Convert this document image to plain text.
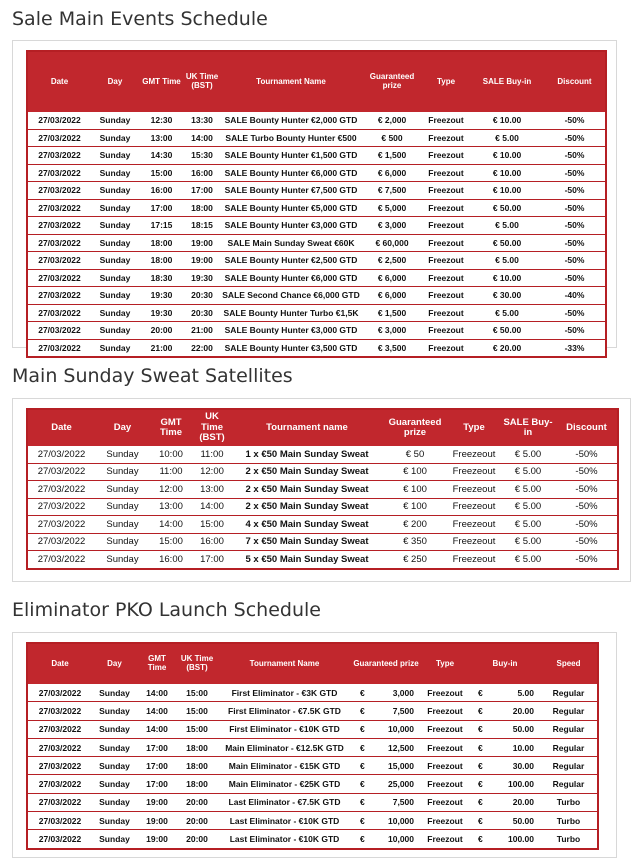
Sale Main Events Schedule
Date	Day	GMT Time	UK Time (BST)	Tournament Name	Guaranteed prize	Type	SALE Buy-in	Discount
27/03/2022	Sunday	12:30	13:30	SALE Bounty Hunter €2,000 GTD	€ 2,000	Freezout	€ 10.00	-50%
27/03/2022	Sunday	13:00	14:00	SALE Turbo Bounty Hunter €500	€ 500	Freezout	€ 5.00	-50%
27/03/2022	Sunday	14:30	15:30	SALE Bounty Hunter €1,500 GTD	€ 1,500	Freezout	€ 10.00	-50%
27/03/2022	Sunday	15:00	16:00	SALE Bounty Hunter €6,000 GTD	€ 6,000	Freezout	€ 10.00	-50%
27/03/2022	Sunday	16:00	17:00	SALE Bounty Hunter €7,500 GTD	€ 7,500	Freezout	€ 10.00	-50%
27/03/2022	Sunday	17:00	18:00	SALE Bounty Hunter €5,000 GTD	€ 5,000	Freezout	€ 50.00	-50%
27/03/2022	Sunday	17:15	18:15	SALE Bounty Hunter €3,000 GTD	€ 3,000	Freezout	€ 5.00	-50%
27/03/2022	Sunday	18:00	19:00	SALE Main Sunday Sweat €60K	€ 60,000	Freezout	€ 50.00	-50%
27/03/2022	Sunday	18:00	19:00	SALE Bounty Hunter €2,500 GTD	€ 2,500	Freezout	€ 5.00	-50%
27/03/2022	Sunday	18:30	19:30	SALE Bounty Hunter €6,000 GTD	€ 6,000	Freezout	€ 10.00	-50%
27/03/2022	Sunday	19:30	20:30	SALE Second Chance €6,000 GTD	€ 6,000	Freezout	€ 30.00	-40%
27/03/2022	Sunday	19:30	20:30	SALE Bounty Hunter Turbo €1,5K	€ 1,500	Freezout	€ 5.00	-50%
27/03/2022	Sunday	20:00	21:00	SALE Bounty Hunter €3,000 GTD	€ 3,000	Freezout	€ 50.00	-50%
27/03/2022	Sunday	21:00	22:00	SALE Bounty Hunter €3,500 GTD	€ 3,500	Freezout	€ 20.00	-33%
Main Sunday Sweat Satellites
Date	Day	GMT Time	UK Time (BST)	Tournament name	Guaranteed prize	Type	SALE Buy-in	Discount
27/03/2022	Sunday	10:00	11:00	1 x €50 Main Sunday Sweat	€ 50	Freezeout	€ 5.00	-50%
27/03/2022	Sunday	11:00	12:00	2 x €50 Main Sunday Sweat	€ 100	Freezeout	€ 5.00	-50%
27/03/2022	Sunday	12:00	13:00	2 x €50 Main Sunday Sweat	€ 100	Freezeout	€ 5.00	-50%
27/03/2022	Sunday	13:00	14:00	2 x €50 Main Sunday Sweat	€ 100	Freezeout	€ 5.00	-50%
27/03/2022	Sunday	14:00	15:00	4 x €50 Main Sunday Sweat	€ 200	Freezeout	€ 5.00	-50%
27/03/2022	Sunday	15:00	16:00	7 x €50 Main Sunday Sweat	€ 350	Freezeout	€ 5.00	-50%
27/03/2022	Sunday	16:00	17:00	5 x €50 Main Sunday Sweat	€ 250	Freezeout	€ 5.00	-50%
Eliminator PKO Launch Schedule
Date	Day	GMT Time	UK Time (BST)	Tournament Name	Guaranteed prize	Type	Buy-in	Speed
27/03/2022	Sunday	14:00	15:00	First Eliminator - €3K GTD	€ 3,000	Freezout	€ 5.00	Regular
27/03/2022	Sunday	14:00	15:00	First Eliminator - €7.5K GTD	€ 7,500	Freezout	€ 20.00	Regular
27/03/2022	Sunday	14:00	15:00	First Eliminator - €10K GTD	€ 10,000	Freezout	€ 50.00	Regular
27/03/2022	Sunday	17:00	18:00	Main Eliminator - €12.5K GTD	€ 12,500	Freezout	€ 10.00	Regular
27/03/2022	Sunday	17:00	18:00	Main Eliminator - €15K GTD	€ 15,000	Freezout	€ 30.00	Regular
27/03/2022	Sunday	17:00	18:00	Main Eliminator - €25K GTD	€ 25,000	Freezout	€ 100.00	Regular
27/03/2022	Sunday	19:00	20:00	Last Eliminator - €7.5K GTD	€ 7,500	Freezout	€ 20.00	Turbo
27/03/2022	Sunday	19:00	20:00	Last Eliminator - €10K GTD	€ 10,000	Freezout	€ 50.00	Turbo
27/03/2022	Sunday	19:00	20:00	Last Eliminator - €10K GTD	€ 10,000	Freezout	€ 100.00	Turbo
